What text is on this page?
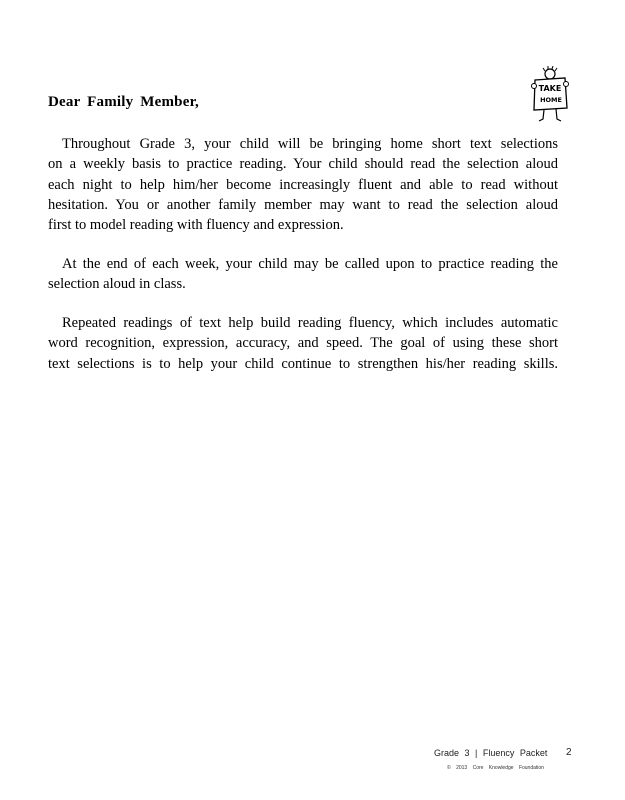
TAKE
HOME

Dear Family Member,

Throughout Grade 3, your child will be bringing home short text selections
on a weekly basis to practice reading. Your child should read the selection aloud
each night to help him/her become increasingly fluent and able to read without
hesitation. You or another family member may want to read the selection aloud
first to model reading with fluency and expression.
At the end of each week, your child may be called upon to practice reading the
selection aloud in class.
Repeated readings of text help build reading fluency, which includes automatic
word recognition, expression, accuracy, and speed. The goal of using these short
text selections is to help your child continue to strengthen his/her reading skills.
Grade 3 | Fluency Packet 2
© 2013 Core Knowledge Foundation
